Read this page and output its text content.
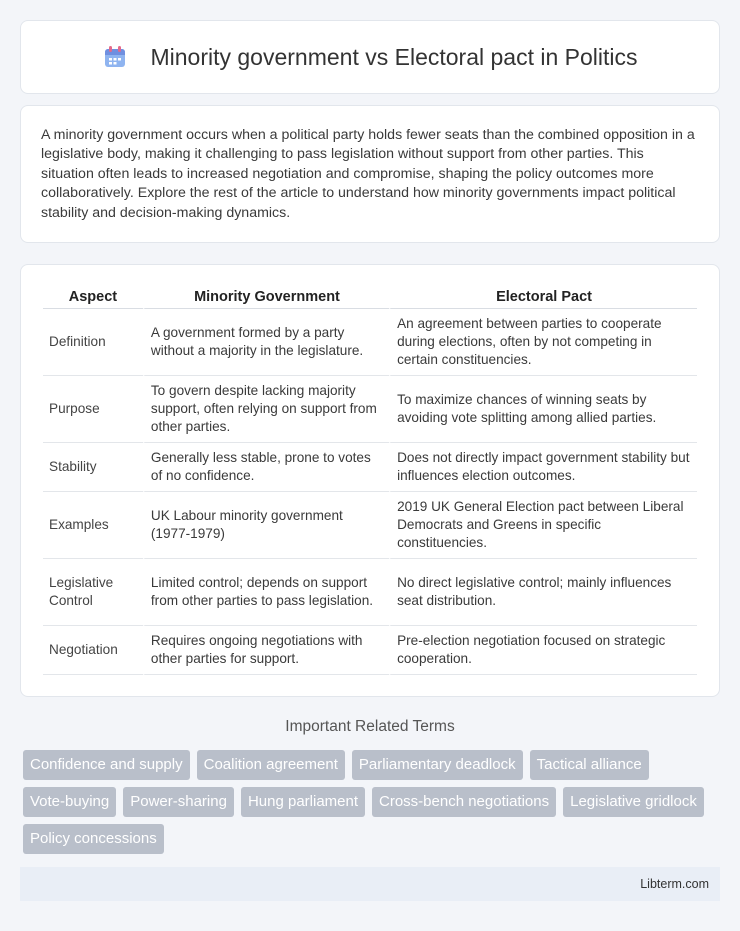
Minority government vs Electoral pact in Politics

A minority government occurs when a political party holds fewer seats than the combined opposition in a legislative body, making it challenging to pass legislation without support from other parties. This situation often leads to increased negotiation and compromise, shaping the policy outcomes more collaboratively. Explore the rest of the article to understand how minority governments impact political stability and decision-making dynamics.

Aspect	Minority Government	Electoral Pact
Definition	A government formed by a party without a majority in the legislature.	An agreement between parties to cooperate during elections, often by not competing in certain constituencies.
Purpose	To govern despite lacking majority support, often relying on support from other parties.	To maximize chances of winning seats by avoiding vote splitting among allied parties.
Stability	Generally less stable, prone to votes of no confidence.	Does not directly impact government stability but influences election outcomes.
Examples	UK Labour minority government (1977-1979)	2019 UK General Election pact between Liberal Democrats and Greens in specific constituencies.
Legislative Control	Limited control; depends on support from other parties to pass legislation.	No direct legislative control; mainly influences seat distribution.
Negotiation	Requires ongoing negotiations with other parties for support.	Pre-election negotiation focused on strategic cooperation.
Important Related Terms
Confidence and supply	Coalition agreement	Parliamentary deadlock	Tactical alliance
Vote-buying	Power-sharing	Hung parliament	Cross-bench negotiations	Legislative gridlock
Policy concessions
Libterm.com
